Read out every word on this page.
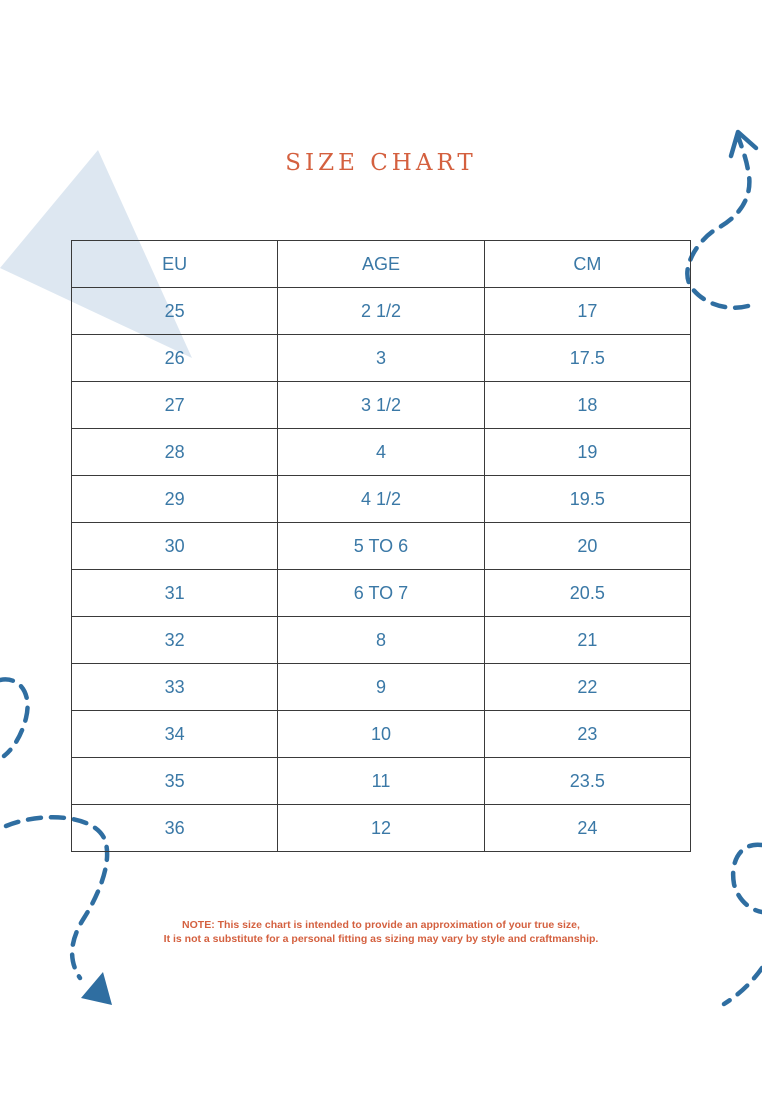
SIZE CHART
EU	AGE	CM
25	2 1/2	17
26	3	17.5
27	3 1/2	18
28	4	19
29	4 1/2	19.5
30	5 TO 6	20
31	6 TO 7	20.5
32	8	21
33	9	22
34	10	23
35	11	23.5
36	12	24
NOTE: This size chart is intended to provide an approximation of your true size,
It is not a substitute for a personal fitting as sizing may vary by style and craftmanship.
